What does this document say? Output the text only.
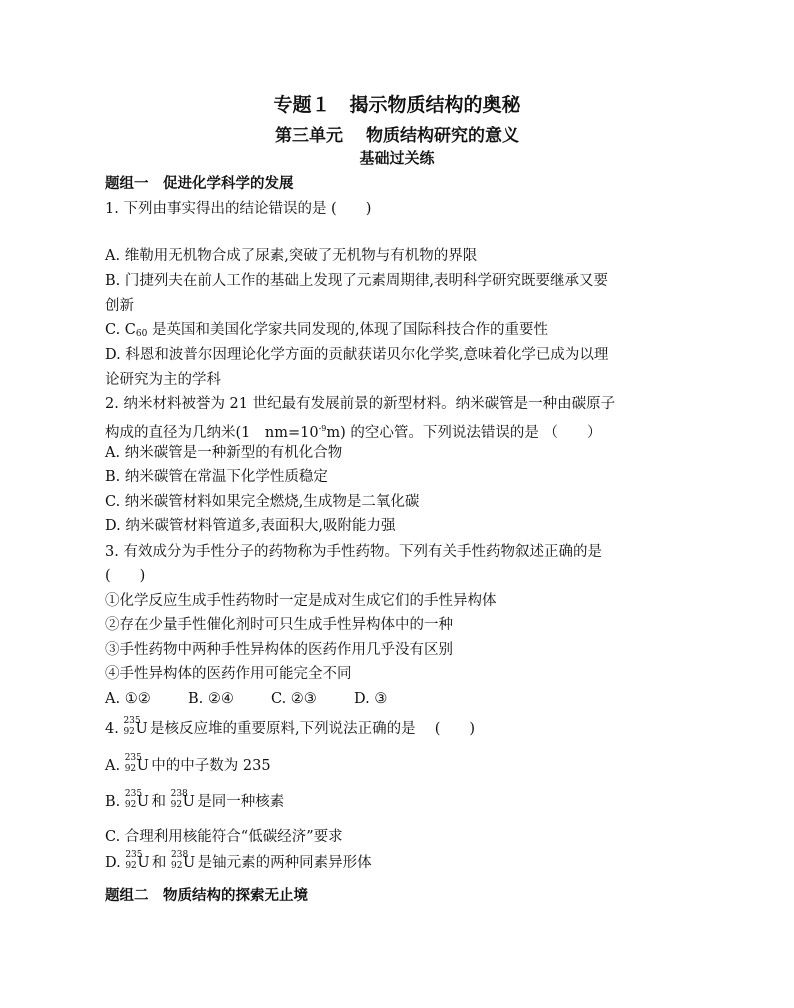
专题１　揭示物质结构的奥秘
第三单元　 物质结构研究的意义
基础过关练
题组一　促进化学科学的发展
1. 下列由事实得出的结论错误的是 (　　)
A. 维勒用无机物合成了尿素,突破了无机物与有机物的界限
B. 门捷列夫在前人工作的基础上发现了元素周期律,表明科学研究既要继承又要
创新
C. $C_{60}$ 是英国和美国化学家共同发现的,体现了国际科技合作的重要性
D. 科恩和波普尔因理论化学方面的贡献获诺贝尔化学奖,意味着化学已成为以理
论研究为主的学科
2. 纳米材料被誉为 21 世纪最有发展前景的新型材料。纳米碳管是一种由碳原子
构成的直径为几纳米(1　$nm=10^{-9}m$) 的空心管。下列说法错误的是 （　　）
A. 纳米碳管是一种新型的有机化合物
B. 纳米碳管在常温下化学性质稳定
C. 纳米碳管材料如果完全燃烧,生成物是二氧化碳
D. 纳米碳管材料管道多,表面积大,吸附能力强
3. 有效成分为手性分子的药物称为手性药物。下列有关手性药物叙述正确的是
(　　)
①化学反应生成手性药物时一定是成对生成它们的手性异构体
②存在少量手性催化剂时可只生成手性异构体中的一种
③手性药物中两种手性异构体的医药作用几乎没有区别
④手性异构体的医药作用可能完全不同
A. ①②	B. ②④	C. ②③	D. ③
4. 235
92 U
是核反应堆的重要原料,下列说法正确的是　 (　　)
A. 235
92 U
中的中子数为 235
B. 235
92 U
和 238
92 U
是同一种核素
C. 合理利用核能符合“低碳经济”要求
D. 235
92 U
和 238
92 U
是铀元素的两种同素异形体
题组二　物质结构的探索无止境
